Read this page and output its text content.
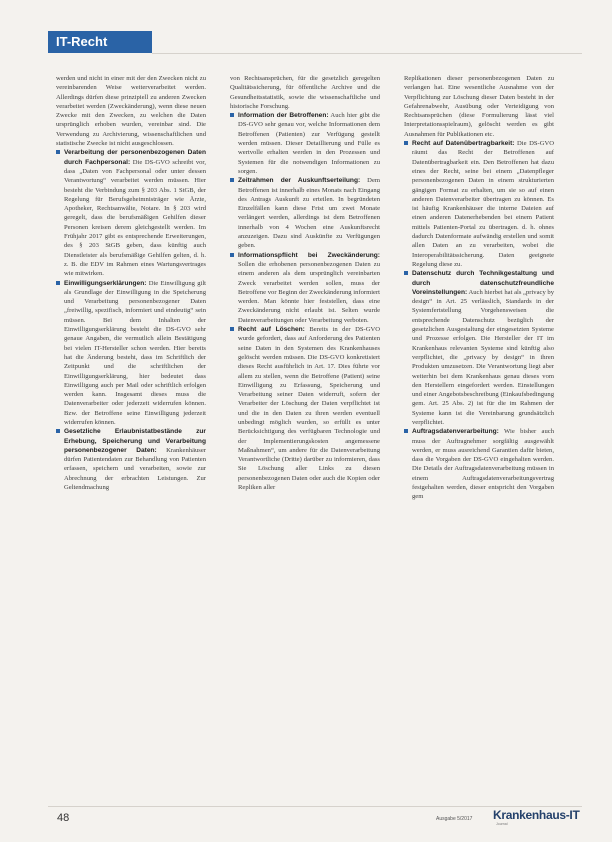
IT-Recht

werden und nicht in einer mit der den Zwecken nicht zu vereinbarenden Weise weiterverarbeitet werden. Allerdings dürfen diese prinzipiell zu anderen Zwecken verarbeitet werden (Zweckänderung), wenn diese neuen Zwecke mit den Zwecken, zu welchen die Daten ursprünglich erhoben wurden, vereinbar sind. Die Verwendung zu Archivierung, wissenschaftlichen und statistische Zwecke ist nicht ausgeschlossen.

Verarbeitung der personenbezogenen Daten durch Fachpersonal: Die DS-GVO schreibt vor, dass „Daten von Fachpersonal oder unter dessen Verantwortung“ verarbeitet werden müssen. Hier besteht die Verbindung zum § 203 Abs. 1 StGB, der Regelung für Berufsgeheimnisträger wie Ärzte, Apotheker, Rechtsanwälte, Notare. In § 203 wird geregelt, dass die berufsmäßigen Gehilfen dieser Personen kreisen derem gleichgestellt werden. Im Frühjahr 2017 gibt es entsprechende Erweiterungen, des § 203 StGB geben, dass künftig auch Dienstleister als berufsmäßige Gehilfen gelten, d. h. z. B. die EDV im Rahmen eines Wartungsvertrages wie mitwirken.

Einwilligungserklärungen: Die Einwilligung gilt als Grundlage der Einwilligung in die Speicherung und Verarbeitung personenbezogener Daten „freiwillig, spezifisch, informiert und eindeutig“ sein müssen. Bei dem Inhalten der Einwilligungserklärung besteht die DS-GVO sehr genaue Angaben, die vermutlich allein Bestätigung bei vielen IT-Hersteller schon werden. Hier bereits hat die Änderung besteht, dass im Schriftlich der Zeitpunkt und die schriftlichen der Einwilligungserklärung, hier bedeutet dass Einwilligung auch per Mail oder schriftlich erfolgen werden kann. Insgesamt dieses muss die Datenverarbeiter oder jederzeit widerrufen können. Bzw. der Betroffene seine Einwilligung jederzeit widerrufen können.

Gesetzliche Erlaubnistatbestände zur Erhebung, Speicherung und Verarbeitung personenbezogener Daten: Krankenhäuser dürfen Patientendaten zur Behandlung von Patienten erfassen, speichern und verarbeiten, sowie zur Abrechnung der erbrachten Leistungen. Zur Geltendmachung

von Rechtsansprüchen, für die gesetzlich geregelten Qualitätssicherung, für öffentliche Archive und die Gesundheitsstatistik, sowie die wissenschaftliche und historische Forschung.

Information der Betroffenen: Auch hier gibt die DS-GVO sehr genau vor, welche Informationen dem Betroffenen (Patienten) zur Verfügung gestellt werden müssen. Dieser Detaillierung und Fülle es wertvolle erhalten werden in den Prozessen und Systemen für die notwendigen Informationen zu sorgen.

Zeitrahmen der Auskunftserteilung: Dem Betroffenen ist innerhalb eines Monats nach Eingang des Antrags Auskunft zu erteilen. In begründeten Einzelfällen kann diese Frist um zwei Monate verlängert werden, allerdings ist dem Betroffenen innerhalb von 4 Wochen eine Auskunftsrecht anzuzeigen. Dazu sind Auskünfte zu Verfügungen geben.

Informationspflicht bei Zweckänderung: Sollen die erhobenen personenbezogenen Daten zu einem anderen als dem ursprünglich vereinbarten Zweck verarbeitet werden sollen, muss der Betroffene vor Beginn der Zweckänderung informiert werden. Man könnte hier feststellen, dass eine Zweckänderung nicht erlaubt ist. Selten wurde Datenverarbeitungen oder Verarbeitung verboten.

Recht auf Löschen: Bereits in der DS-GVO wurde gefordert, dass auf Anforderung des Patienten seine Daten in den Systemen des Krankenhauses gelöscht werden müssen. Die DS-GVO konkretisiert dieses Recht ausführlich in Art. 17. Dies führte vor allem zu stellen, wenn die Betroffene (Patient) seine Einwilligung zu Erfassung, Speicherung und Verarbeitung seiner Daten widerruft, sofern der Verarbeiter der Löschung der Daten verpflichtet ist und die in den Daten zu ihren werden eventuell unbedingt möglich wurden, so erfüllt es unter Berücksichtigung des verfügbaren Technologie und der Implementierungskosten angemessene Maßnahmen“, um andere für die Datenverarbeitung Verantwortliche (Dritte) darüber zu informieren, dass Sie Löschung aller Links zu diesen personenbezogenen Daten oder auch die Kopien oder Repliken aller

Replikationen dieser personenbezogenen Daten zu verlangen hat. Eine wesentliche Ausnahme von der Verpflichtung zur Löschung dieser Daten besteht in der Gefahrenabwehr, Ausübung oder Verteidigung von Rechtsansprüchen (diese Formulierung lässt viel Interpretationsspielraum), gelöscht werden es gibt Ausnahmen für Publikationen etc.

Recht auf Datenübertragbarkeit: Die DS-GVO räumt das Recht der Betroffenen auf Datenübertragbarkeit ein. Den Betroffenen hat dazu eines der Recht, seine bei einem „Datenpfleger personenbezogenen Daten in einem strukturierten gängigen Format zu erhalten, um sie so auf einen anderen Datenverarbeiter übertragen zu können. Es ist häufig Krankenhäuser die interne Dateien auf einen anderen Datenerhebenden bei einem Patient mittels Patienten-Portal zu übertragen. d. h. ohnes dadurch Datenformate aufwändig erstellen und somit allen Daten an zu verarbeiten, wobei die Interoperabilitätssicherung. Daten geeignete Regelung diese zu.

Datenschutz durch Technikgestaltung und durch datenschutzfreundliche Voreinstellungen: Auch hierbei hat als „privacy by design“ in Art. 25 verlässlich, Standards in der Systemfertstellung Vorgehensweisen die entsprechende Datenschutz bezüglich der gesetzlichen Ausgestaltung der eingesetzten Systeme und Prozesse erfolgen. Die Hersteller der IT im Krankenhaus relevanten Systeme sind künftig also verpflichtet, die „privacy by design“ in ihren Produkten umzusetzen. Die Verantwortung liegt aber weiterhin bei dem Krankenhaus genau dieses vom den Herstellern eingefordert werden. Einstellungen und einer Angebotsbeschreibung (Einkaufsbedingung gem. Art. 25 Abs. 2) ist für die im Rahmen der Systeme kann ist die Vereinbarung grundsätzlich verpflichtet.

Auftragsdatenverarbeitung: Wie bisher auch muss der Auftragnehmer sorgfältig ausgewählt werden, er muss ausreichend Garantien dafür bieten, dass die Vorgaben der DS-GVO eingehalten werden. Die Details der Auftragsdatenverarbeitung müssen in einem Auftragsdatenverarbeitungsvertrag festgehalten werden, dieser entspricht den Vorgaben gem

48	Ausgabe 5/2017 Krankenhaus-IT
Journal
